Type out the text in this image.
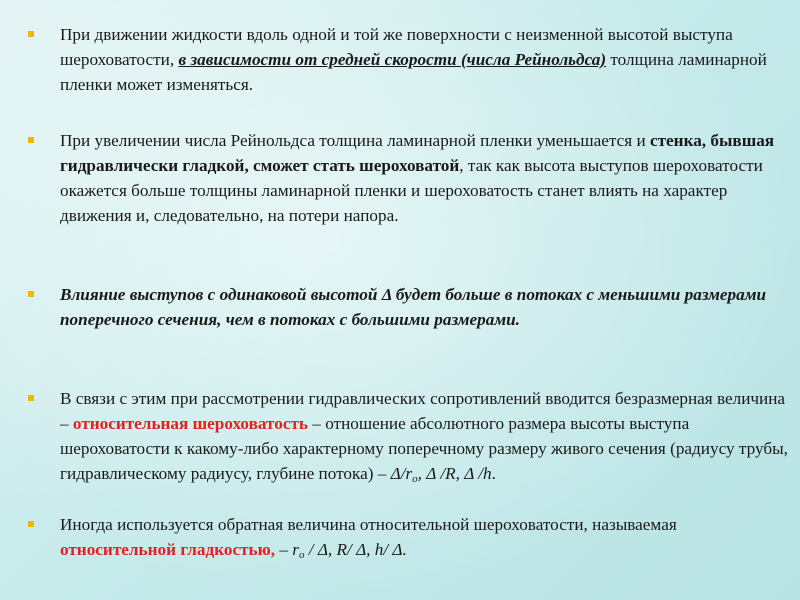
При движении жидкости вдоль одной и той же поверхности с неизменной высотой выступа шероховатости, в зависимости от средней скорости (числа Рейнольдса) толщина ламинарной пленки может изменяться.
При увеличении числа Рейнольдса толщина ламинарной пленки уменьшается и стенка, бывшая гидравлически гладкой, сможет стать шероховатой, так как высота выступов шероховатости окажется больше толщины ламинарной пленки и шероховатость станет влиять на характер движения и, следовательно, на потери напора.
Влияние выступов с одинаковой высотой Δ будет больше в потоках с меньшими размерами поперечного сечения, чем в потоках с большими размерами.
В связи с этим при рассмотрении гидравлических сопротивлений вводится безразмерная величина – относительная шероховатость – отношение абсолютного размера высоты выступа шероховатости к какому-либо характерному поперечному размеру живого сечения (радиусу трубы, гидравлическому радиусу, глубине потока) – $\Delta/r_o$, Δ /R, Δ /h.
Иногда используется обратная величина относительной шероховатости, называемая относительной гладкостью, – $r_o$ / Δ, R/ Δ, h/ Δ.
